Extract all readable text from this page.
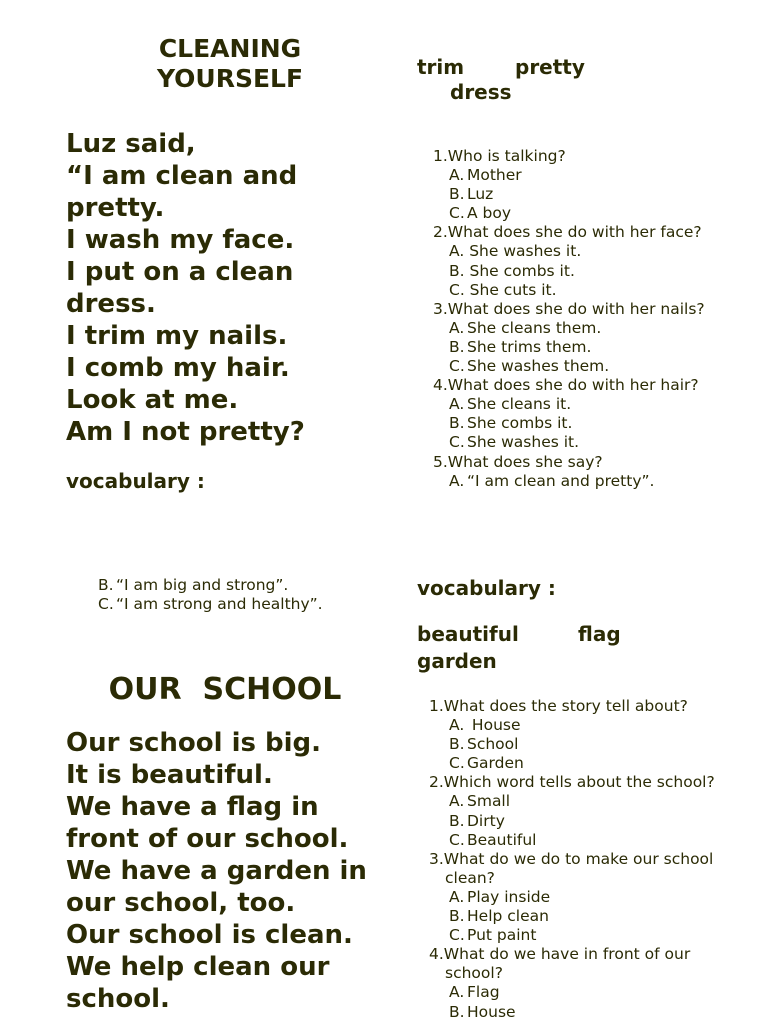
CLEANING
YOURSELF
Luz said,
“I am clean and
pretty.
I wash my face.
I put on a clean
dress.
I trim my nails.
I comb my hair.
Look at me.
Am I not pretty?
vocabulary :
trim	pretty
dress
1.Who is talking?
A. Mother
B. Luz
C. A boy
2.What does she do with her face?
A. She washes it.
B. She combs it.
C. She cuts it.
3.What does she do with her nails?
A. She cleans them.
B. She trims them.
C. She washes them.
4.What does she do with her hair?
A. She cleans it.
B. She combs it.
C. She washes it.
5.What does she say?
A. “I am clean and pretty”.
B. “I am big and strong”.
C. “I am strong and healthy”.
OUR  SCHOOL
Our school is big.
It is beautiful.
We have a flag in
front of our school.
We have a garden in
our school, too.
Our school is clean.
We help clean our
school.
vocabulary :
beautiful	flag
garden
1.What does the story tell about?
A. House
B. School
C. Garden
2.Which word tells about the school?
A. Small
B. Dirty
C. Beautiful
3.What do we do to make our school
clean?
A. Play inside
B. Help clean
C. Put paint
4.What do we have in front of our
school?
A. Flag
B. House
